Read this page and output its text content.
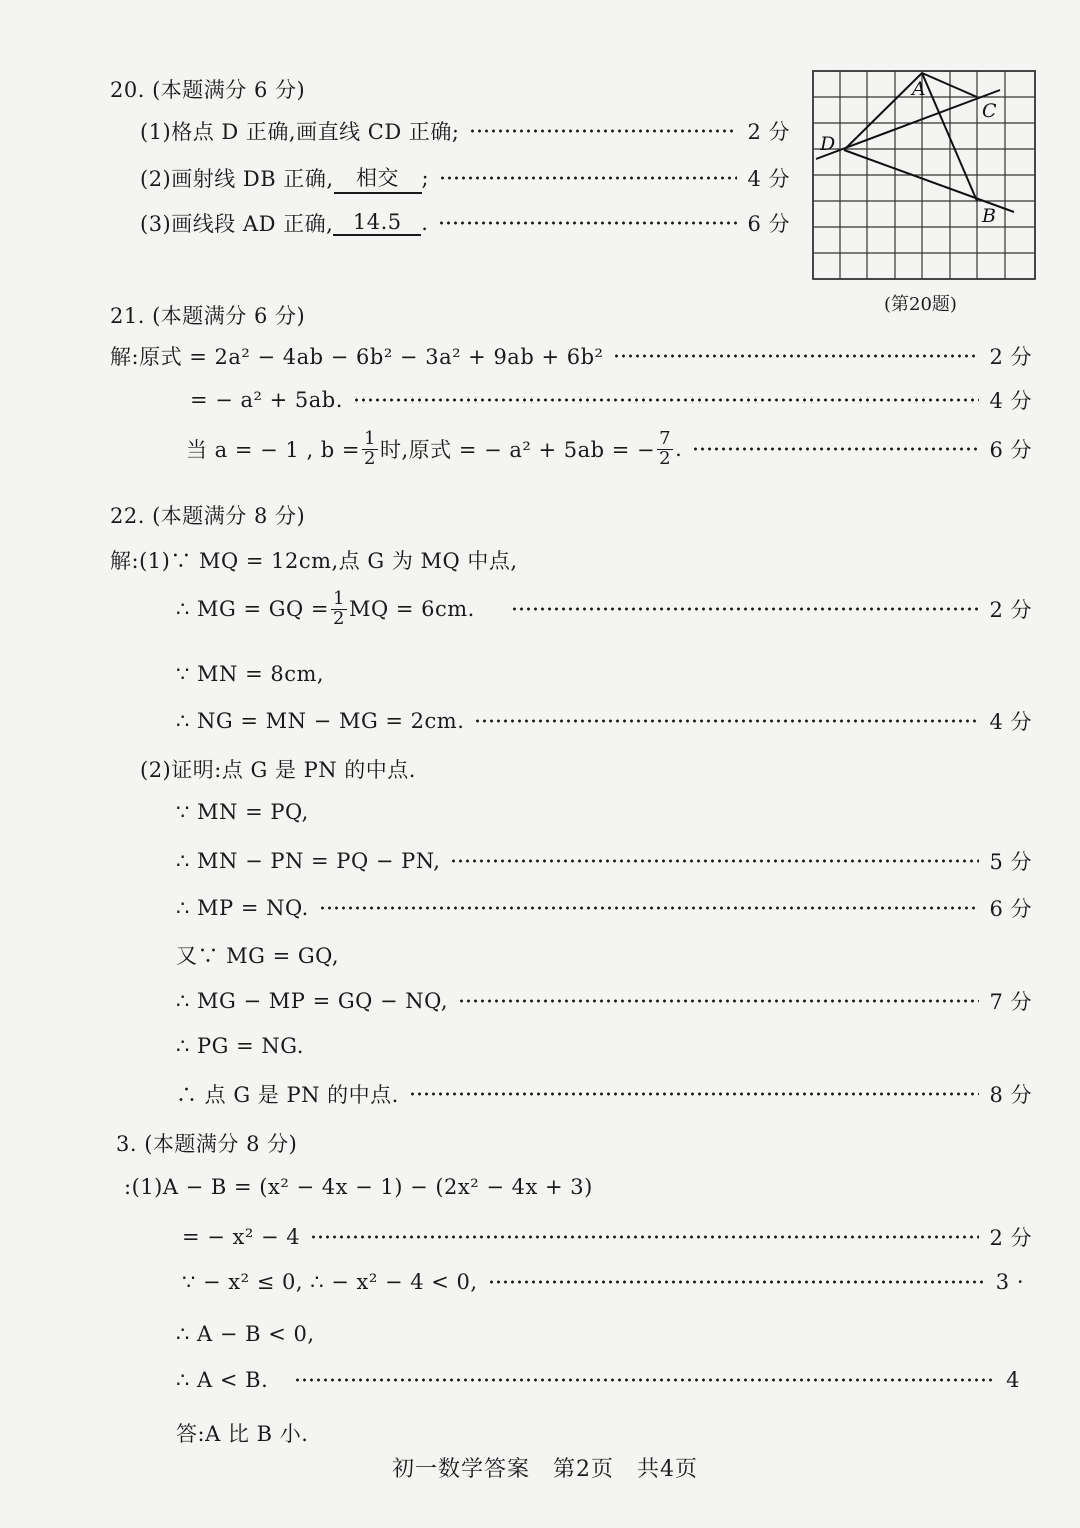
20. (本题满分 6 分)
(1)格点 D 正确,画直线 CD 正确;	2 分
(2)画射线 DB 正确,	相交	;	4 分
(3)画线段 AD 正确, 14.5 .	6 分
A
C
D
B
(第20题)
21. (本题满分 6 分)
解:原式 = 2a² − 4ab − 6b² − 3a² + 9ab + 6b²	2 分
= − a² + 5ab.	4 分
当 a = − 1 , $b = \frac{1}{2}$ 时,原式 = − a² + 5ab = − $\frac{7}{2}$ .	6 分
22. (本题满分 8 分)
解:(1)∵ MQ = 12cm,点 G 为 MQ 中点,
∴ MG = GQ = $\frac{1}{2}$ MQ = 6cm.	2 分
∵ MN = 8cm,
∴ NG = MN − MG = 2cm.	4 分
(2)证明:点 G 是 PN 的中点.
∵ MN = PQ,
∴ MN − PN = PQ − PN,	5 分
∴ MP = NQ.	6 分
又∵ MG = GQ,
∴ MG − MP = GQ − NQ,	7 分
∴ PG = NG.
∴ 点 G 是 PN 的中点.	8 分
3. (本题满分 8 分)
:(1)A − B = (x² − 4x − 1) − (2x² − 4x + 3)
= − x² − 4	2 分
∵ − x² ≤ 0, ∴ − x² − 4 < 0,	3 ·
∴ A − B < 0,
∴ A < B.	4
答:A 比 B 小.
初一数学答案　第2页　共4页
